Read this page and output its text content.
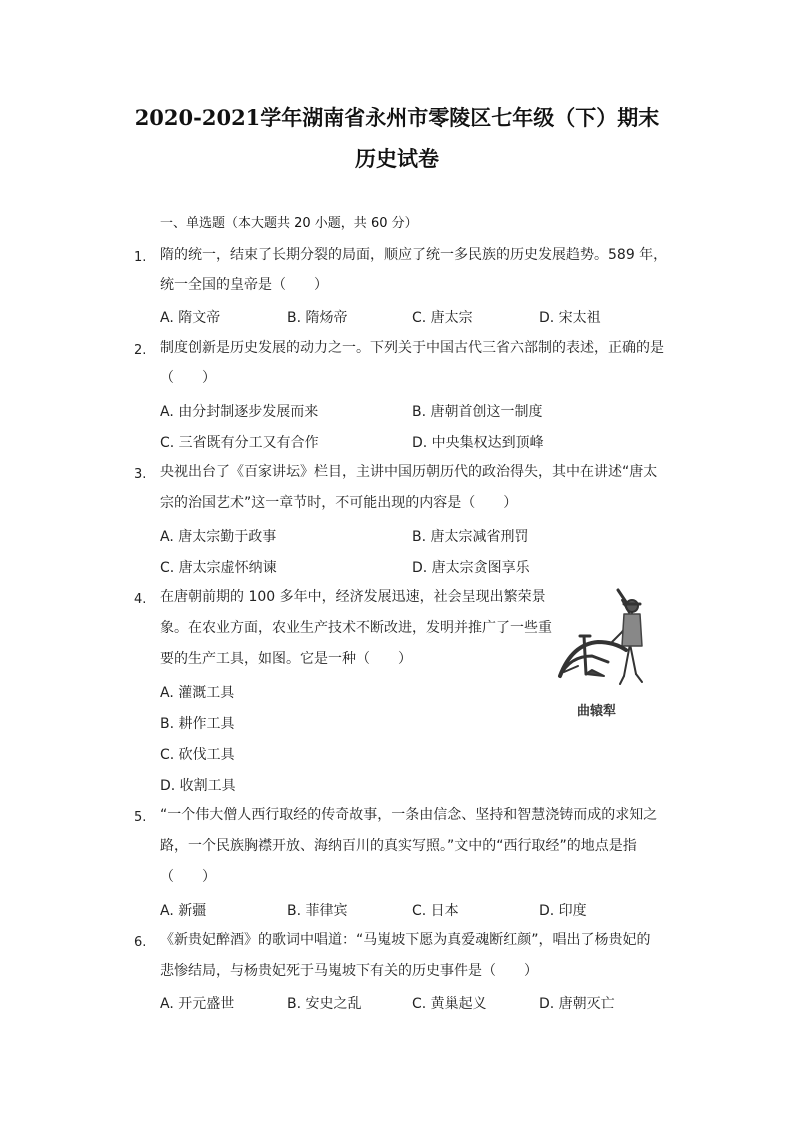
2020-2021学年湖南省永州市零陵区七年级（下）期末
历史试卷
一、单选题（本大题共 20 小题，共 60 分）
1. 隋的统一，结束了长期分裂的局面，顺应了统一多民族的历史发展趋势。589 年，
统一全国的皇帝是（　　）
A. 隋文帝	B. 隋炀帝	C. 唐太宗	D. 宋太祖
2. 制度创新是历史发展的动力之一。下列关于中国古代三省六部制的表述，正确的是
（　　）
A. 由分封制逐步发展而来	B. 唐朝首创这一制度
C. 三省既有分工又有合作	D. 中央集权达到顶峰
3. 央视出台了《百家讲坛》栏目，主讲中国历朝历代的政治得失，其中在讲述“唐太
宗的治国艺术”这一章节时，不可能出现的内容是（　　）
A. 唐太宗勤于政事	B. 唐太宗减省刑罚
C. 唐太宗虚怀纳谏	D. 唐太宗贪图享乐
4. 在唐朝前期的 100 多年中，经济发展迅速，社会呈现出繁荣景
象。在农业方面，农业生产技术不断改进，发明并推广了一些重
要的生产工具，如图。它是一种（　　）
A. 灌溉工具
B. 耕作工具
C. 砍伐工具
D. 收割工具
曲辕犁
5. “一个伟大僧人西行取经的传奇故事，一条由信念、坚持和智慧浇铸而成的求知之
路，一个民族胸襟开放、海纳百川的真实写照。”文中的“西行取经”的地点是指
（　　）
A. 新疆	B. 菲律宾	C. 日本	D. 印度
6. 《新贵妃醉酒》的歌词中唱道：“马嵬坡下愿为真爱魂断红颜”，唱出了杨贵妃的
悲惨结局，与杨贵妃死于马嵬坡下有关的历史事件是（　　）
A. 开元盛世	B. 安史之乱	C. 黄巢起义	D. 唐朝灭亡
